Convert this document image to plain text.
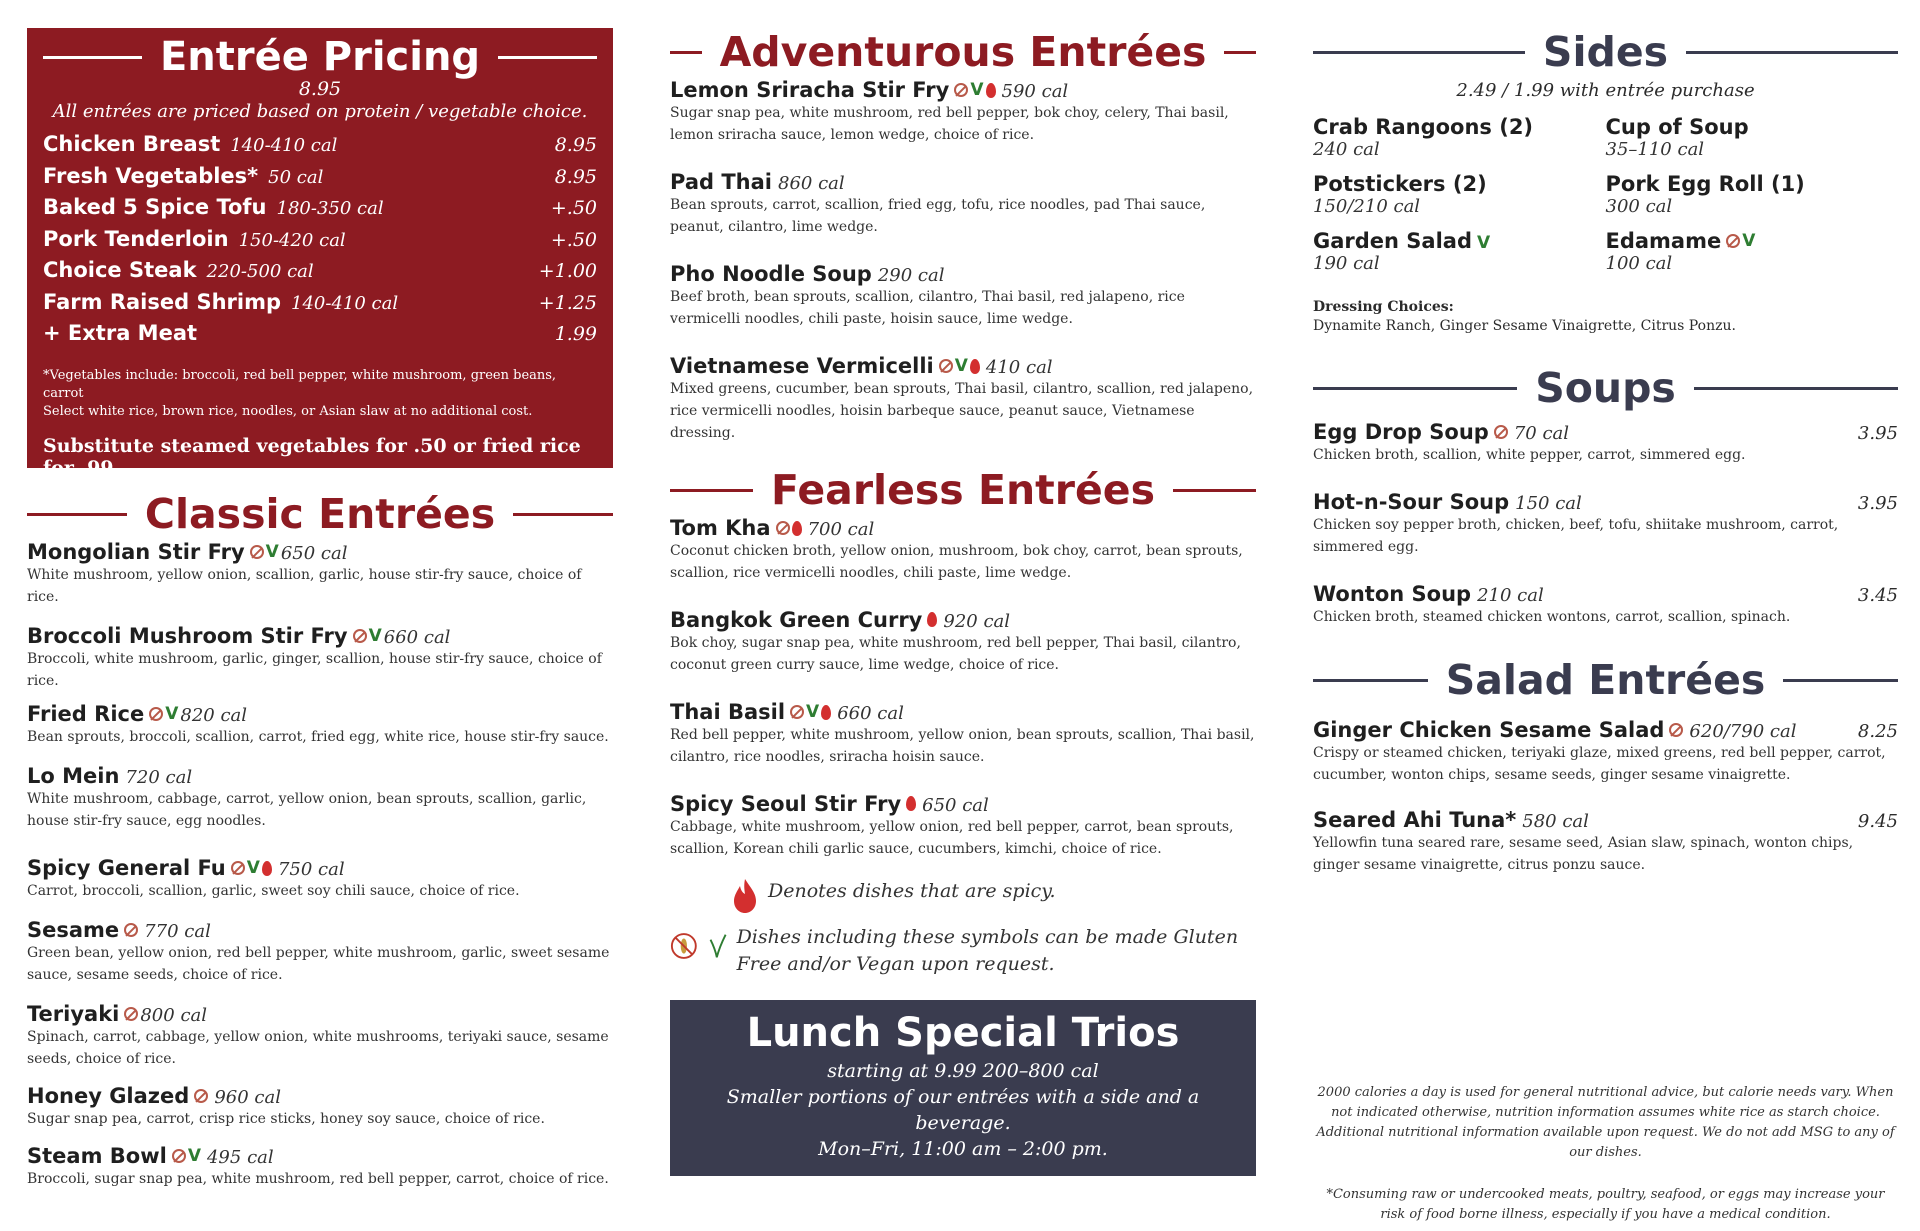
Entrée Pricing
8.95
All entrées are priced based on protein / vegetable choice.
Chicken Breast 140-410 cal	8.95
Fresh Vegetables* 50 cal	8.95
Baked 5 Spice Tofu 180-350 cal	+.50
Pork Tenderloin 150-420 cal	+.50
Choice Steak 220-500 cal	+1.00
Farm Raised Shrimp 140-410 cal	+1.25
+ Extra Meat	1.99
*Vegetables include: broccoli, red bell pepper, white mushroom, green beans, carrot
Select white rice, brown rice, noodles, or Asian slaw at no additional cost.
Substitute steamed vegetables for .50 or fried rice for .99
Classic Entrées
Mongolian Stir Fry V 650 cal
White mushroom, yellow onion, scallion, garlic, house stir-fry sauce, choice of rice.
Broccoli Mushroom Stir Fry V 660 cal
Broccoli, white mushroom, garlic, ginger, scallion, house stir-fry sauce, choice of rice.
Fried Rice V 820 cal
Bean sprouts, broccoli, scallion, carrot, fried egg, white rice, house stir-fry sauce.
Lo Mein 720 cal
White mushroom, cabbage, carrot, yellow onion, bean sprouts, scallion, garlic, house stir-fry sauce, egg noodles.
Spicy General Fu V 750 cal
Carrot, broccoli, scallion, garlic, sweet soy chili sauce, choice of rice.
Sesame 770 cal
Green bean, yellow onion, red bell pepper, white mushroom, garlic, sweet sesame sauce, sesame seeds, choice of rice.
Teriyaki 800 cal
Spinach, carrot, cabbage, yellow onion, white mushrooms, teriyaki sauce, sesame seeds, choice of rice.
Honey Glazed 960 cal
Sugar snap pea, carrot, crisp rice sticks, honey soy sauce, choice of rice.
Steam Bowl V 495 cal
Broccoli, sugar snap pea, white mushroom, red bell pepper, carrot, choice of rice.
Adventurous Entrées
Lemon Sriracha Stir Fry V 590 cal
Sugar snap pea, white mushroom, red bell pepper, bok choy, celery, Thai basil, lemon sriracha sauce, lemon wedge, choice of rice.
Pad Thai 860 cal
Bean sprouts, carrot, scallion, fried egg, tofu, rice noodles, pad Thai sauce, peanut, cilantro, lime wedge.
Pho Noodle Soup 290 cal
Beef broth, bean sprouts, scallion, cilantro, Thai basil, red jalapeno, rice vermicelli noodles, chili paste, hoisin sauce, lime wedge.
Vietnamese Vermicelli V 410 cal
Mixed greens, cucumber, bean sprouts, Thai basil, cilantro, scallion, red jalapeno, rice vermicelli noodles, hoisin barbeque sauce, peanut sauce, Vietnamese dressing.
Fearless Entrées
Tom Kha 700 cal
Coconut chicken broth, yellow onion, mushroom, bok choy, carrot, bean sprouts, scallion, rice vermicelli noodles, chili paste, lime wedge.
Bangkok Green Curry 920 cal
Bok choy, sugar snap pea, white mushroom, red bell pepper, Thai basil, cilantro, coconut green curry sauce, lime wedge, choice of rice.
Thai Basil V 660 cal
Red bell pepper, white mushroom, yellow onion, bean sprouts, scallion, Thai basil, cilantro, rice noodles, sriracha hoisin sauce.
Spicy Seoul Stir Fry 650 cal
Cabbage, white mushroom, yellow onion, red bell pepper, carrot, bean sprouts, scallion, Korean chili garlic sauce, cucumbers, kimchi, choice of rice.
Denotes dishes that are spicy.
Dishes including these symbols can be made Gluten Free and/or Vegan upon request.
Lunch Special Trios
starting at 9.99 200–800 cal
Smaller portions of our entrées with a side and a beverage.
Mon–Fri, 11:00 am – 2:00 pm.
Sides
2.49 / 1.99 with entrée purchase
Crab Rangoons (2)
240 cal
Cup of Soup
35–110 cal
Potstickers (2)
150/210 cal
Pork Egg Roll (1)
300 cal
Garden Salad V
190 cal
Edamame V
100 cal
Dressing Choices:
Dynamite Ranch, Ginger Sesame Vinaigrette, Citrus Ponzu.
Soups
Egg Drop Soup 70 cal	3.95
Chicken broth, scallion, white pepper, carrot, simmered egg.
Hot-n-Sour Soup 150 cal	3.95
Chicken soy pepper broth, chicken, beef, tofu, shiitake mushroom, carrot, simmered egg.
Wonton Soup 210 cal	3.45
Chicken broth, steamed chicken wontons, carrot, scallion, spinach.
Salad Entrées
Ginger Chicken Sesame Salad 620/790 cal	8.25
Crispy or steamed chicken, teriyaki glaze, mixed greens, red bell pepper, carrot, cucumber, wonton chips, sesame seeds, ginger sesame vinaigrette.
Seared Ahi Tuna* 580 cal	9.45
Yellowfin tuna seared rare, sesame seed, Asian slaw, spinach, wonton chips, ginger sesame vinaigrette, citrus ponzu sauce.
2000 calories a day is used for general nutritional advice, but calorie needs vary. When not indicated otherwise, nutrition information assumes white rice as starch choice. Additional nutritional information available upon request. We do not add MSG to any of our dishes.
*Consuming raw or undercooked meats, poultry, seafood, or eggs may increase your risk of food borne illness, especially if you have a medical condition.
